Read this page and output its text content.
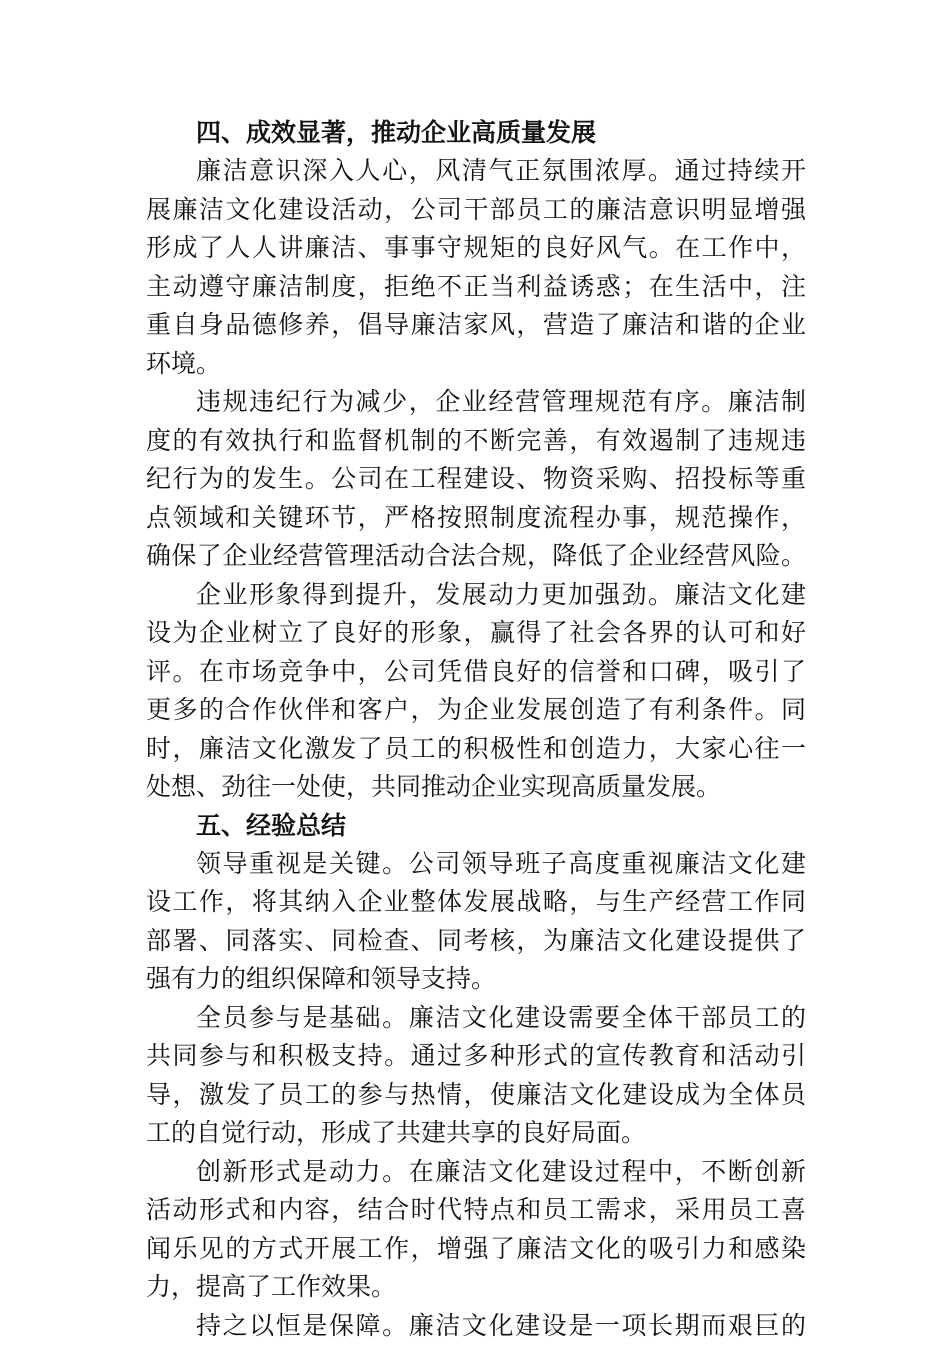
四、成效显著，推动企业高质量发展
廉洁意识深入人心，风清气正氛围浓厚。通过持续开
展廉洁文化建设活动，公司干部员工的廉洁意识明显增强
形成了人人讲廉洁、事事守规矩的良好风气。在工作中，
主动遵守廉洁制度，拒绝不正当利益诱惑；在生活中，注
重自身品德修养，倡导廉洁家风，营造了廉洁和谐的企业
环境。
违规违纪行为减少，企业经营管理规范有序。廉洁制
度的有效执行和监督机制的不断完善，有效遏制了违规违
纪行为的发生。公司在工程建设、物资采购、招投标等重
点领域和关键环节，严格按照制度流程办事，规范操作，
确保了企业经营管理活动合法合规，降低了企业经营风险。
企业形象得到提升，发展动力更加强劲。廉洁文化建
设为企业树立了良好的形象，赢得了社会各界的认可和好
评。在市场竞争中，公司凭借良好的信誉和口碑，吸引了
更多的合作伙伴和客户，为企业发展创造了有利条件。同
时，廉洁文化激发了员工的积极性和创造力，大家心往一
处想、劲往一处使，共同推动企业实现高质量发展。
五、经验总结
领导重视是关键。公司领导班子高度重视廉洁文化建
设工作，将其纳入企业整体发展战略，与生产经营工作同
部署、同落实、同检查、同考核，为廉洁文化建设提供了
强有力的组织保障和领导支持。
全员参与是基础。廉洁文化建设需要全体干部员工的
共同参与和积极支持。通过多种形式的宣传教育和活动引
导，激发了员工的参与热情，使廉洁文化建设成为全体员
工的自觉行动，形成了共建共享的良好局面。
创新形式是动力。在廉洁文化建设过程中，不断创新
活动形式和内容，结合时代特点和员工需求，采用员工喜
闻乐见的方式开展工作，增强了廉洁文化的吸引力和感染
力，提高了工作效果。
持之以恒是保障。廉洁文化建设是一项长期而艰巨的
